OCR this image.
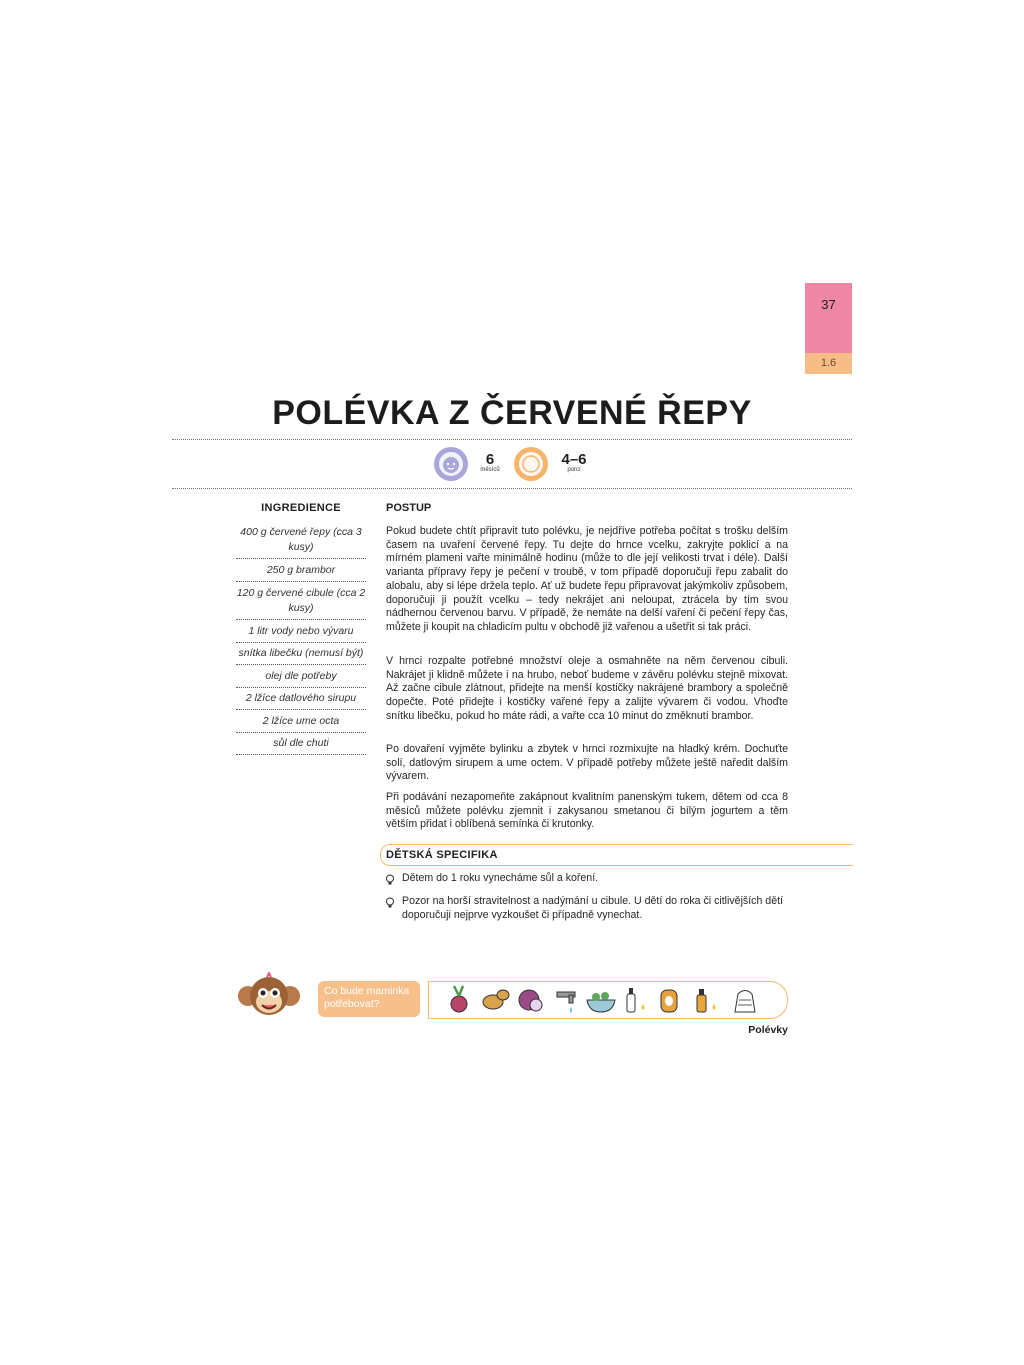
37
1.6
POLÉVKA Z ČERVENÉ ŘEPY
6
měsíců
4–6
porcí
INGREDIENCE
400 g červené řepy (cca 3 kusy)
250 g brambor
120 g červené cibule (cca 2 kusy)
1 litr vody nebo vývaru
snítka libečku (nemusí být)
olej dle potřeby
2 lžíce datlového sirupu
2 lžíce ume octa
sůl dle chuti
POSTUP
Pokud budete chtít připravit tuto polévku, je nejdříve potřeba počítat s trošku delším časem na uvaření červené řepy. Tu dejte do hrnce vcelku, zakryjte poklicí a na mírném plameni vařte minimálně hodinu (může to dle její velikosti trvat i déle). Další varianta přípravy řepy je pečení v troubě, v tom případě doporučuji řepu zabalit do alobalu, aby si lépe držela teplo. Ať už budete řepu připravovat jakýmkoliv způsobem, doporučuji ji použít vcelku – tedy nekrájet ani neloupat, ztrácela by tím svou nádhernou červenou barvu. V případě, že nemáte na delší vaření či pečení řepy čas, můžete ji koupit na chladicím pultu v obchodě již vařenou a ušetřit si tak práci.
V hrnci rozpalte potřebné množství oleje a osmahněte na něm červenou cibuli. Nakrájet ji klidně můžete i na hrubo, neboť budeme v závěru polévku stejně mixovat. Až začne cibule zlátnout, přidejte na menší kostičky nakrájené brambory a společně dopečte. Poté přidejte i kostičky vařené řepy a zalijte vývarem či vodou. Vhoďte snítku libečku, pokud ho máte rádi, a vařte cca 10 minut do změknutí brambor.
Po dovaření vyjměte bylinku a zbytek v hrnci rozmixujte na hladký krém. Dochuťte solí, datlovým sirupem a ume octem. V případě potřeby můžete ještě naředit dalším vývarem.
Při podávání nezapomeňte zakápnout kvalitním panenským tukem, dětem od cca 8 měsíců můžete polévku zjemnit i zakysanou smetanou či bílým jogurtem a těm větším přidat i oblíbená semínka či krutonky.
DĚTSKÁ SPECIFIKA
Dětem do 1 roku vynecháme sůl a koření.
Pozor na horší stravitelnost a nadýmání u cibule. U dětí do roka či citlivějších dětí doporučuji nejprve vyzkoušet či případně vynechat.
Co bude maminka potřebovat?
Polévky
